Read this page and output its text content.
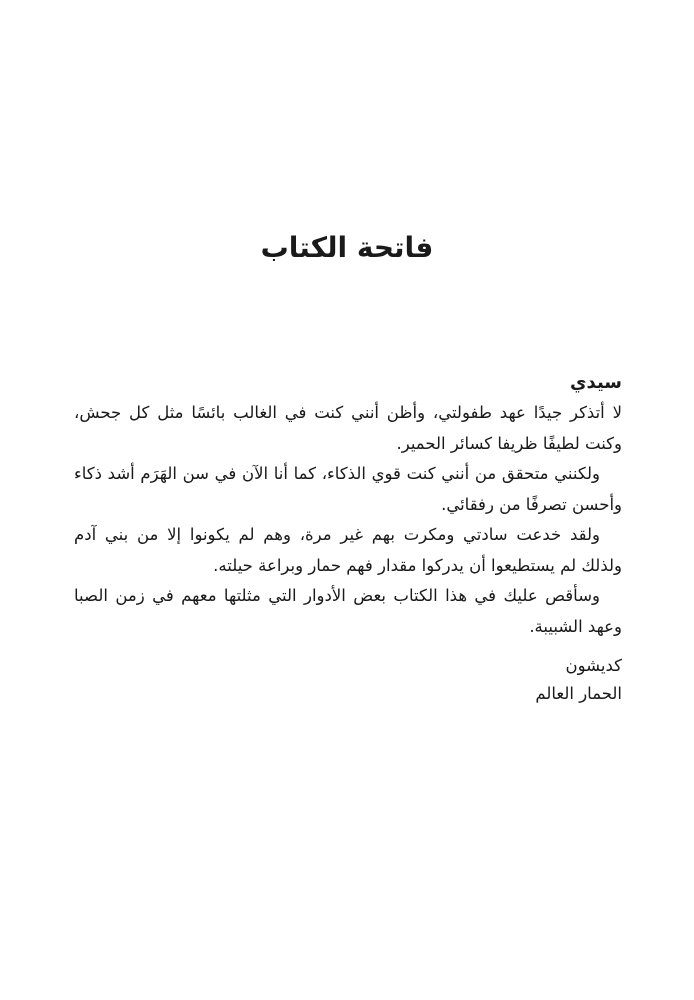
فاتحة الكتاب

سيدي

لا أتذكر جيدًا عهد طفولتي، وأظن أنني كنت في الغالب بائسًا مثل كل جحش، وكنت لطيفًا ظريفا كسائر الحمير.

ولكنني متحقق من أنني كنت قوي الذكاء، كما أنا الآن في سن الهَرَم أشد ذكاء وأحسن تصرفًا من رفقائي.

ولقد خدعت سادتي ومكرت بهم غير مرة، وهم لم يكونوا إلا من بني آدم ولذلك لم يستطيعوا أن يدركوا مقدار فهم حمار وبراعة حيلته.

وسأقص عليك في هذا الكتاب بعض الأدوار التي مثلتها معهم في زمن الصبا وعهد الشبيبة.

كديشون

الحمار العالم
